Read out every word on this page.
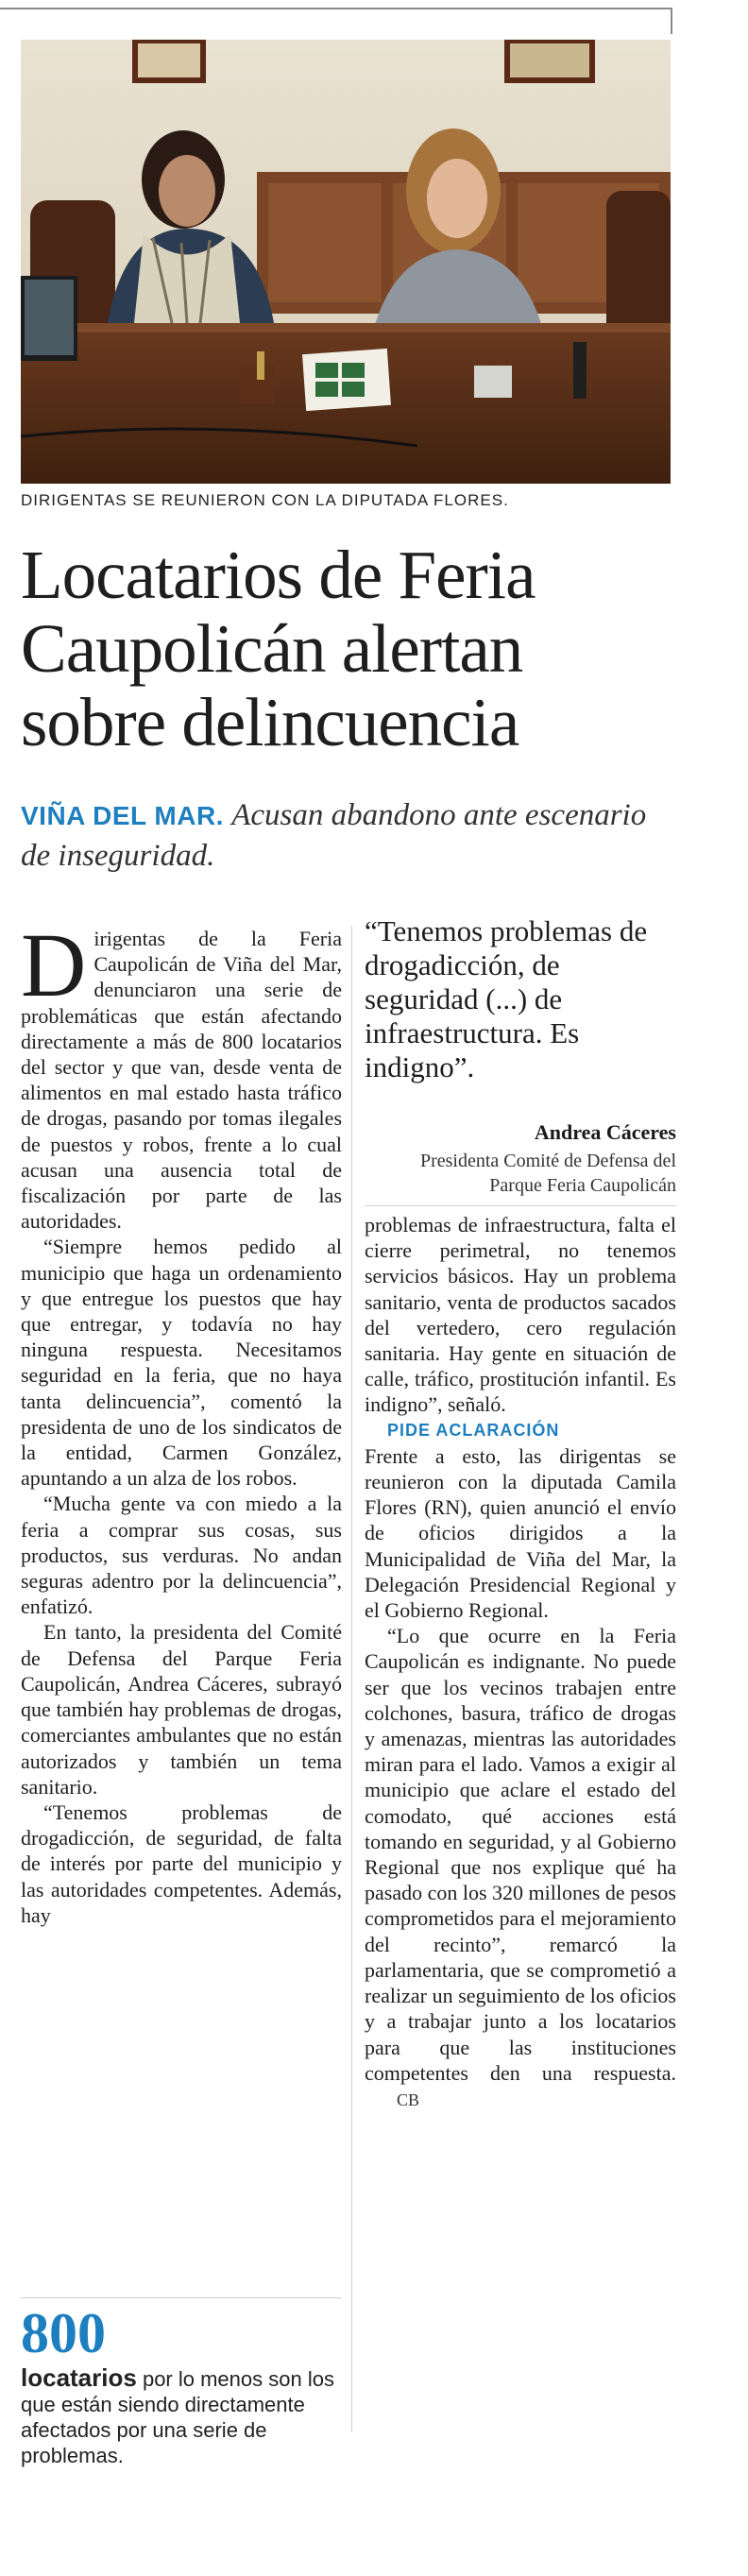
DIRIGENTAS SE REUNIERON CON LA DIPUTADA FLORES.
Locatarios de Feria
Caupolicán alertan
sobre delincuencia
VIÑA DEL MAR. Acusan abandono ante escenario de inseguridad.

Dirigentas de la Feria Caupolicán de Viña del Mar, denunciaron una serie de problemáticas que están afectando directamente a más de 800 locatarios del sector y que van, desde venta de alimentos en mal estado hasta tráfico de drogas, pasando por tomas ilegales de puestos y robos, frente a lo cual acusan una ausencia total de fiscalización por parte de las autoridades.

“Siempre hemos pedido al municipio que haga un ordenamiento y que entregue los puestos que hay que entregar, y todavía no hay ninguna respuesta. Necesitamos seguridad en la feria, que no haya tanta delincuencia”, comentó la presidenta de uno de los sindicatos de la entidad, Carmen González, apuntando a un alza de los robos.

“Mucha gente va con miedo a la feria a comprar sus cosas, sus productos, sus verduras. No andan seguras adentro por la delincuencia”, enfatizó.

En tanto, la presidenta del Comité de Defensa del Parque Feria Caupolicán, Andrea Cáceres, subrayó que también hay problemas de drogas, comerciantes ambulantes que no están autorizados y también un tema sanitario.

“Tenemos problemas de drogadicción, de seguridad, de falta de interés por parte del municipio y las autoridades competentes. Además, hay

“Tenemos problemas de drogadicción, de seguridad (...) de infraestructura. Es indigno”.
Andrea Cáceres
Presidenta Comité de Defensa del Parque Feria Caupolicán

problemas de infraestructura, falta el cierre perimetral, no tenemos servicios básicos. Hay un problema sanitario, venta de productos sacados del vertedero, cero regulación sanitaria. Hay gente en situación de calle, tráfico, prostitución infantil. Es indigno”, señaló.

PIDE ACLARACIÓN

Frente a esto, las dirigentas se reunieron con la diputada Camila Flores (RN), quien anunció el envío de oficios dirigidos a la Municipalidad de Viña del Mar, la Delegación Presidencial Regional y el Gobierno Regional.

“Lo que ocurre en la Feria Caupolicán es indignante. No puede ser que los vecinos trabajen entre colchones, basura, tráfico de drogas y amenazas, mientras las autoridades miran para el lado. Vamos a exigir al municipio que aclare el estado del comodato, qué acciones está tomando en seguridad, y al Gobierno Regional que nos explique qué ha pasado con los 320 millones de pesos comprometidos para el mejoramiento del recinto”, remarcó la parlamentaria, que se comprometió a realizar un seguimiento de los oficios y a trabajar junto a los locatarios para que las instituciones competentes den una respuesta.CB

800
locatarios por lo menos son los que están siendo directamente afectados por una serie de problemas.
